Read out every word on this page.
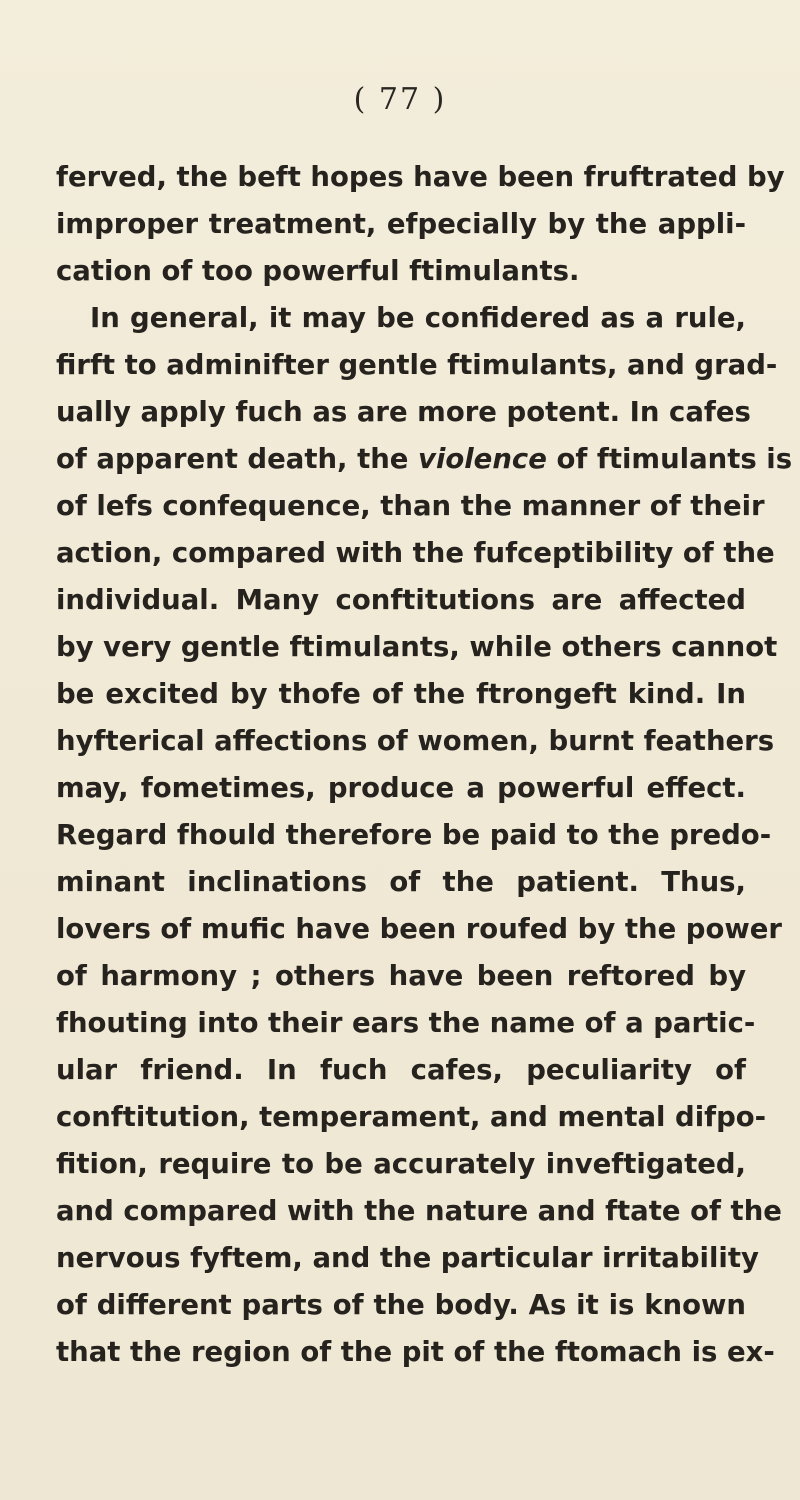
( 77 )
ferved, the beft hopes have been fruftrated by
improper treatment, efpecially by the appli-
cation of too powerful ftimulants.
In general, it may be confidered as a rule,
firft to adminifter gentle ftimulants, and grad-
ually apply fuch as are more potent. In cafes
of apparent death, the violence of ftimulants is
of lefs confequence, than the manner of their
action, compared with the fufceptibility of the
individual. Many conftitutions are affected
by very gentle ftimulants, while others cannot
be excited by thofe of the ftrongeft kind. In
hyfterical affections of women, burnt feathers
may, fometimes, produce a powerful effect.
Regard fhould therefore be paid to the predo-
minant inclinations of the patient. Thus,
lovers of mufic have been roufed by the power
of harmony ; others have been reftored by
fhouting into their ears the name of a partic-
ular friend. In fuch cafes, peculiarity of
conftitution, temperament, and mental difpo-
fition, require to be accurately inveftigated,
and compared with the nature and ftate of the
nervous fyftem, and the particular irritability
of different parts of the body. As it is known
that the region of the pit of the ftomach is ex-
